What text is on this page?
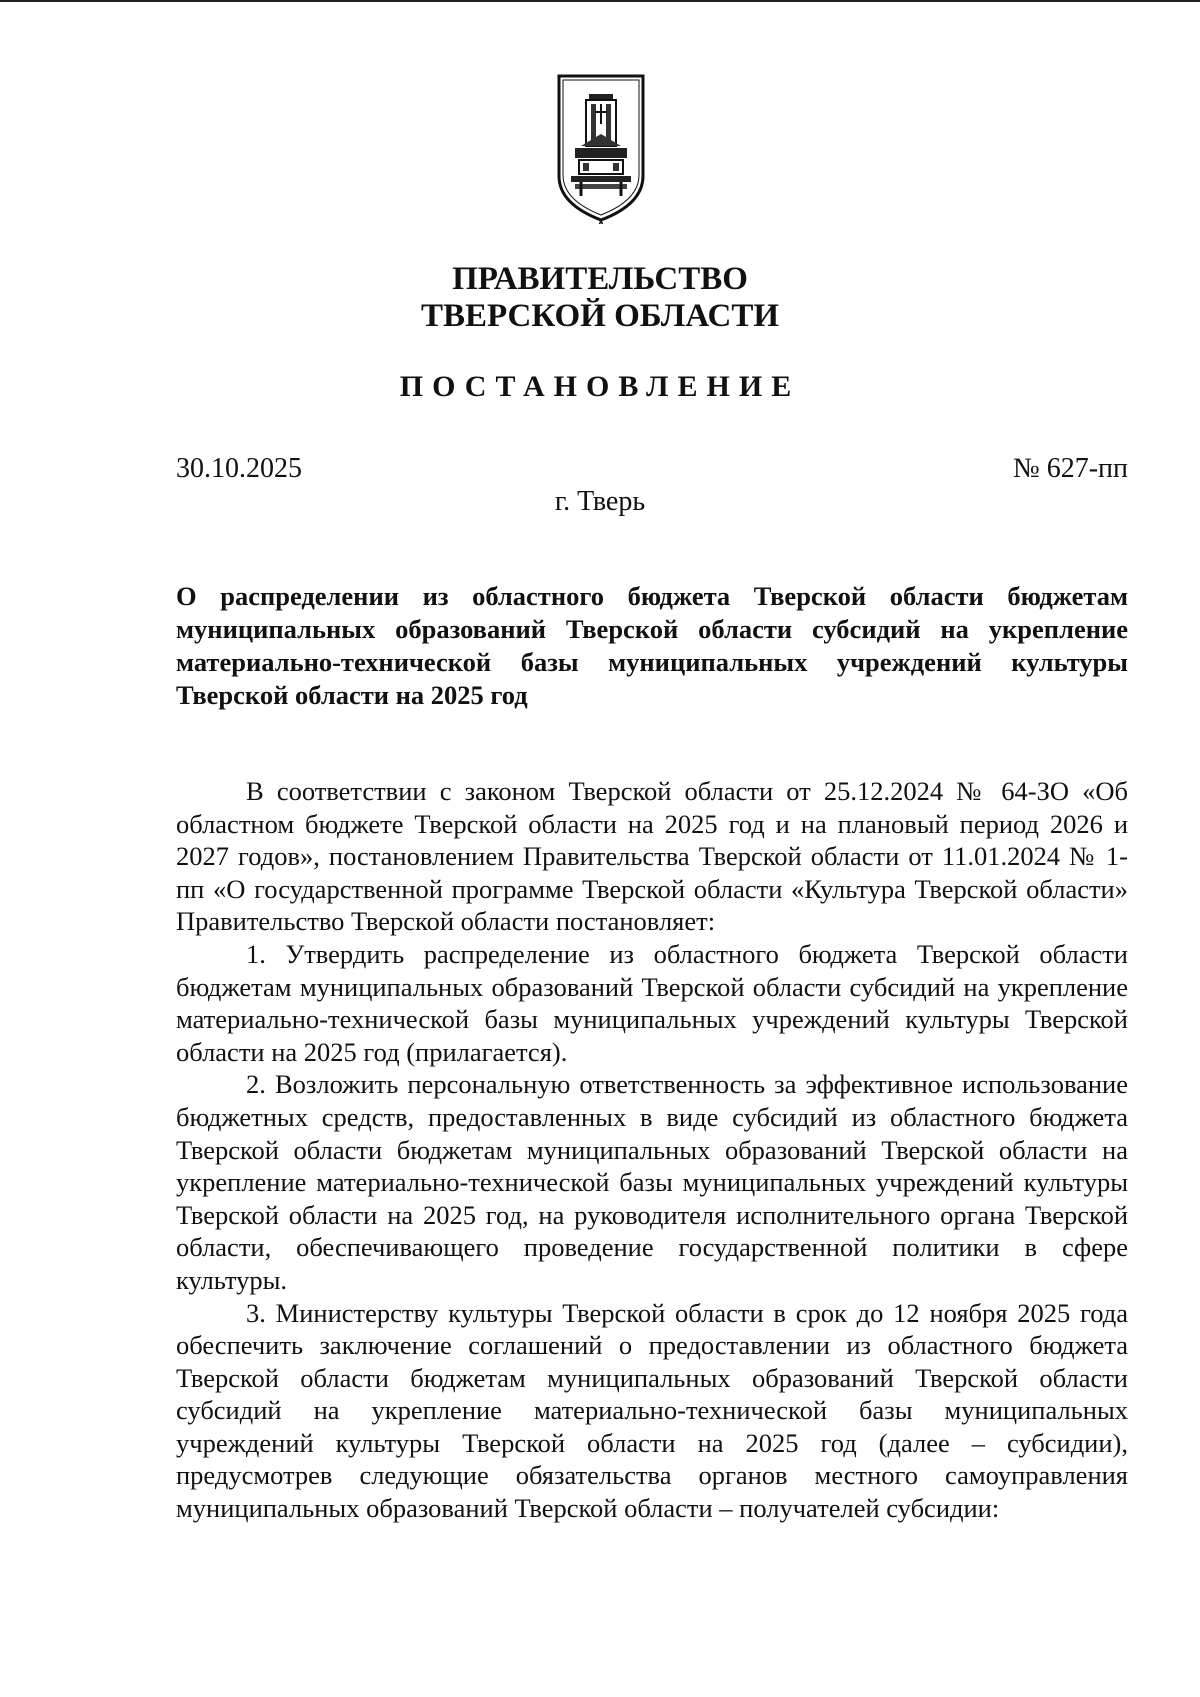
ПРАВИТЕЛЬСТВО
ТВЕРСКОЙ ОБЛАСТИ
ПОСТАНОВЛЕНИЕ
30.10.2025	№ 627-пп
г. Тверь
О распределении из областного бюджета Тверской области бюджетам муниципальных образований Тверской области субсидий на укрепление материально-технической базы муниципальных учреждений культуры Тверской области на 2025 год

В соответствии с законом Тверской области от 25.12.2024 № 64-ЗО «Об областном бюджете Тверской области на 2025 год и на плановый период 2026 и 2027 годов», постановлением Правительства Тверской области от 11.01.2024 № 1-пп «О государственной программе Тверской области «Культура Тверской области» Правительство Тверской области постановляет:

1. Утвердить распределение из областного бюджета Тверской области бюджетам муниципальных образований Тверской области субсидий на укрепление материально-технической базы муниципальных учреждений культуры Тверской области на 2025 год (прилагается).

2. Возложить персональную ответственность за эффективное использование бюджетных средств, предоставленных в виде субсидий из областного бюджета Тверской области бюджетам муниципальных образований Тверской области на укрепление материально-технической базы муниципальных учреждений культуры Тверской области на 2025 год, на руководителя исполнительного органа Тверской области, обеспечивающего проведение государственной политики в сфере культуры.

3. Министерству культуры Тверской области в срок до 12 ноября 2025 года обеспечить заключение соглашений о предоставлении из областного бюджета Тверской области бюджетам муниципальных образований Тверской области субсидий на укрепление материально-технической базы муниципальных учреждений культуры Тверской области на 2025 год (далее – субсидии), предусмотрев следующие обязательства органов местного самоуправления муниципальных образований Тверской области – получателей субсидии:
